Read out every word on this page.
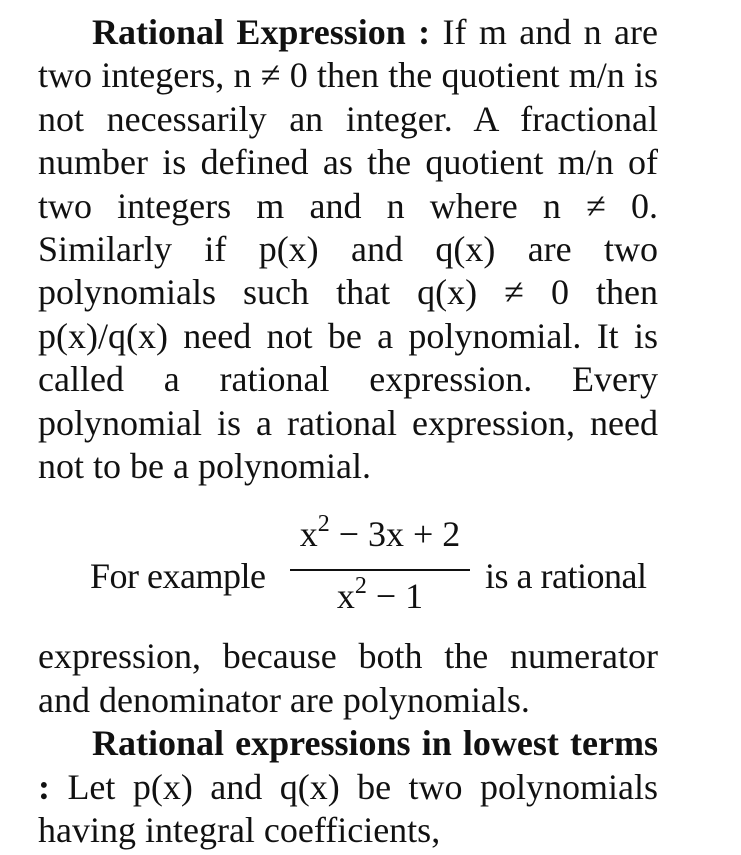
Rational Expression : If m and n are two integers, n ≠ 0 then the quotient m/n is not necessarily an integer. A fractional number is defined as the quotient m/n of two integers m and n where n ≠ 0. Similarly if p(x) and q(x) are two polynomials such that q(x) ≠ 0 then p(x)/q(x) need not be a polynomial. It is called a rational expression. Every polynomial is a rational expression, need not to be a polynomial.

For example
$x^2 - 3x + 2$
$x^2 - 1$	is a rational

expression, because both the numerator and denominator are polynomials.

Rational expressions in lowest terms : Let p(x) and q(x) be two polynomials having integral coefficients,
